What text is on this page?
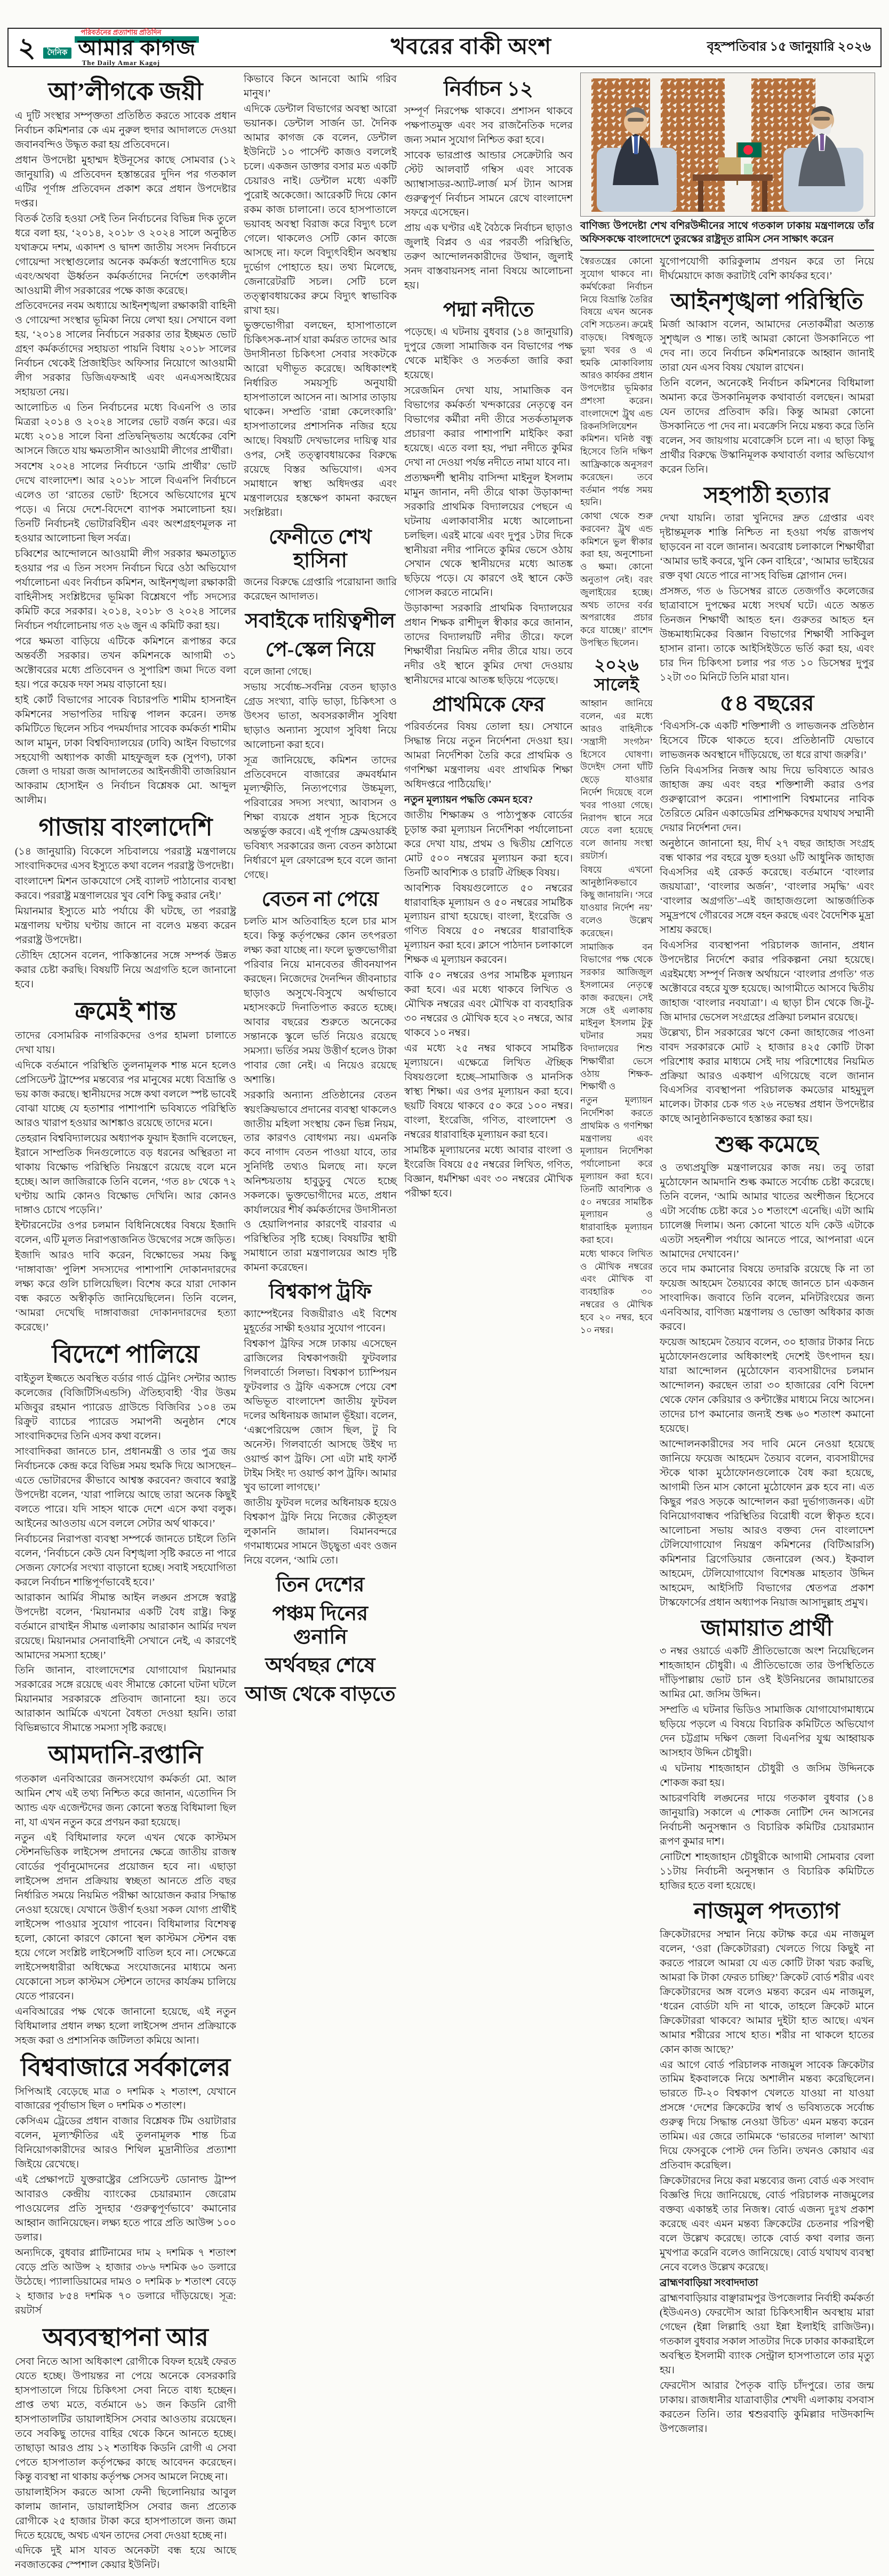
২
পরিবর্তনের প্রত্যাশায় প্রতিদিন
দৈনিক আমার কাগজ
The Daily Amar Kagoj
খবরের বাকী অংশ	বৃহস্পতিবার ১৫ জানুয়ারি ২০২৬
আ’লীগকে জয়ী

এ দুটি সংস্থার সম্পৃক্ততা প্রতিষ্ঠিত করতে সাবেক প্রধান নির্বাচন কমিশনার কে এম নুরুল হুদার আদালতে দেওয়া জবানবন্দিও উদ্ধৃত করা হয় প্রতিবেদনে।

প্রধান উপদেষ্টা মুহাম্মদ ইউনূসের কাছে সোমবার (১২ জানুয়ারি) এ প্রতিবেদন হস্তান্তরের দুদিন পর গতকাল এটির পূর্ণাঙ্গ প্রতিবেদন প্রকাশ করে প্রধান উপদেষ্টার দপ্তর।

বিতর্ক তৈরি হওয়া সেই তিন নির্বাচনের বিভিন্ন দিক তুলে ধরে বলা হয়, ‘২০১৪, ২০১৮ ও ২০২৪ সালে অনুষ্ঠিত যথাক্রমে দশম, একাদশ ও দ্বাদশ জাতীয় সংসদ নির্বাচনে গোয়েন্দা সংস্থাগুলোর অনেক কর্মকর্তা স্বপ্রণোদিত হয়ে এবং/অথবা ঊর্ধ্বতন কর্মকর্তাদের নির্দেশে তৎকালীন আওয়ামী লীগ সরকারের পক্ষে কাজ করেছে।

প্রতিবেদনের নবম অধ্যায়ে আইনশৃঙ্খলা রক্ষাকারী বাহিনী ও গোয়েন্দা সংস্থার ভূমিকা নিয়ে লেখা হয়। সেখানে বলা হয়, ‘২০১৪ সালের নির্বাচনে সরকার তার ইচ্ছমত ভোট গ্রহণ কর্মকর্তাদের সহায়তা পায়নি বিধায় ২০১৮ সালের নির্বাচন থেকেই প্রিজাইডিং অফিসার নিয়োগে আওয়ামী লীগ সরকার ডিজিএফআই এবং এনএসআইয়ের সহায়তা নেয়।

আলোচিত এ তিন নির্বাচনের মধ্যে বিএনপি ও তার মিত্ররা ২০১৪ ও ২০২৪ সালের ভোট বর্জন করে। এর মধ্যে ২০১৪ সালে বিনা প্রতিদ্বন্দ্বিতায় অর্ধেকের বেশি আসনে জিতে যায় ক্ষমতাসীন আওয়ামী লীগের প্রার্থীরা।

সবশেষ ২০২৪ সালের নির্বাচনে ‘ডামি প্রার্থীর’ ভোট দেখে বাংলাদেশ। আর ২০১৮ সালে বিএনপি নির্বাচনে এলেও তা ‘রাতের ভোট’ হিসেবে অভিযোগের মুখে পড়ে। এ নিয়ে দেশে-বিদেশে ব্যাপক সমালোচনা হয়। তিনটি নির্বাচনই ভোটারবিহীন এবং অংশগ্রহণমূলক না হওয়ার আলোচনা ছিল সর্বত্র।

চব্বিশের আন্দোলনে আওয়ামী লীগ সরকার ক্ষমতাচ্যুত হওয়ার পর এ তিন সংসদ নির্বাচন ঘিরে ওঠা অভিযোগ পর্যালোচনা এবং নির্বাচন কমিশন, আইনশৃঙ্খলা রক্ষাকারী বাহিনীসহ সংশ্লিষ্টদের ভূমিকা বিশ্লেষণে পাঁচ সদস্যের কমিটি করে সরকার। ২০১৪, ২০১৮ ও ২০২৪ সালের নির্বাচন পর্যালোচনায় গত ২৬ জুন এ কমিটি করা হয়।

পরে ক্ষমতা বাড়িয়ে এটিকে কমিশনে রূপান্তর করে অন্তর্বর্তী সরকার। তখন কমিশনকে আগামী ৩১ অক্টোবরের মধ্যে প্রতিবেদন ও সুপারিশ জমা দিতে বলা হয়। পরে কয়েক দফা সময় বাড়ানো হয়।

হাই কোর্ট বিভাগের সাবেক বিচারপতি শামীম হাসনাইন কমিশনের সভাপতির দায়িত্ব পালন করেন। তদন্ত কমিটিতে ছিলেন সচিব পদমর্যাদার সাবেক কর্মকর্তা শামীম আল মামুন, ঢাকা বিশ্ববিদ্যালয়ের (ঢাবি) আইন বিভাগের সহযোগী অধ্যাপক কাজী মাহফুজুল হক (সুপণ), ঢাকা জেলা ও দায়রা জজ আদালতের আইনজীবী তাজরিয়ান আকরাম হোসাইন ও নির্বাচন বিশ্লেষক মো. আব্দুল আলীম।

গাজায় বাংলাদেশি

(১৪ জানুয়ারি) বিকেলে সচিবালয়ে পররাষ্ট্র মন্ত্রণালয়ে সাংবাদিকদের এসব ইস্যুতে কথা বলেন পররাষ্ট্র উপদেষ্টা।

বাংলাদেশ মিশন ডাকযোগে সেই ব্যালট পাঠানোর ব্যবস্থা করবে। পররাষ্ট্র মন্ত্রণালয়ের খুব বেশি কিছু করার নেই।’

মিয়ানমার ইস্যুতে মাঠ পর্যায়ে কী ঘটছে, তা পররাষ্ট্র মন্ত্রণালয় ঘণ্টায় ঘণ্টায় জানে না বলেও মন্তব্য করেন পররাষ্ট্র উপদেষ্টা।

তৌহিদ হোসেন বলেন, পাকিস্তানের সঙ্গে সম্পর্ক উন্নত করার চেষ্টা করছি। বিষয়টি নিয়ে অগ্রগতি হলে জানানো হবে।

ক্রমেই শান্ত

তাদের বেসামরিক নাগরিকদের ওপর হামলা চালাতে দেখা যায়।

এদিকে বর্তমানে পরিস্থিতি তুলনামূলক শান্ত মনে হলেও প্রেসিডেন্ট ট্রাম্পের মন্তব্যের পর মানুষের মধ্যে বিভ্রান্তি ও ভয় কাজ করছে। স্থানীয়দের সঙ্গে কথা বললে স্পষ্ট ভাবেই বোঝা যাচ্ছে যে হতাশার পাশাপাশি ভবিষ্যতে পরিস্থিতি আরও খারাপ হওয়ার আশঙ্কাও রয়েছে তাদের মনে।

তেহরান বিশ্ববিদ্যালয়ের অধ্যাপক ফুয়াদ ইজাদি বলেছেন, ইরানে সাম্প্রতিক দিনগুলোতে বড় ধরনের অস্থিরতা না থাকায় বিক্ষোভ পরিস্থিতি নিয়ন্ত্রণে রয়েছে বলে মনে হচ্ছে। আল জাজিরাকে তিনি বলেন, ‘গত ৪৮ থেকে ৭২ ঘণ্টায় আমি কোনও বিক্ষোভ দেখিনি। আর কোনও দাঙ্গাও চোখে পড়েনি।’

ইন্টারনেটের ওপর চলমান বিধিনিষেধের বিষয়ে ইজাদি বলেন, এটি মূলত নিরাপত্তাজনিত উদ্বেগের সঙ্গে জড়িত।

ইজাদি আরও দাবি করেন, বিক্ষোভের সময় কিছু ‘দাঙ্গাবাজ’ পুলিশ সদস্যদের পাশাপাশি দোকানদারদের লক্ষ্য করে গুলি চালিয়েছিল। বিশেষ করে যারা দোকান বন্ধ করতে অস্বীকৃতি জানিয়েছিলেন। তিনি বলেন, ‘আমরা দেখেছি দাঙ্গাবাজরা দোকানদারদের হত্যা করেছে।’

বিদেশে পালিয়ে

বাইতুল ইজ্জতে অবস্থিত বর্ডার গার্ড ট্রেনিং সেন্টার অ্যান্ড কলেজের (বিজিটিসিএন্ডসি) ঐতিহ্যবাহী ‘বীর উত্তম মজিবুর রহমান প্যারেড গ্রাউন্ডে বিজিবির ১০৪ তম রিক্রুট ব্যাচের প্যারেড সমাপনী অনুষ্ঠান শেষে সাংবাদিকদের তিনি এসব কথা বলেন।

সাংবাদিকরা জানতে চান, প্রধানমন্ত্রী ও তার পুত্র জয় নির্বাচনকে কেন্দ্র করে বিভিন্ন সময় হুমকি দিয়ে আসছেন–এতে ভোটারদের কীভাবে আশ্বস্ত করবেন? জবাবে স্বরাষ্ট্র উপদেষ্টা বলেন, ‘যারা পালিয়ে আছে তারা অনেক কিছুই বলতে পারে। যদি সাহস থাকে দেশে এসে কথা বলুক। আইনের আওতায় এসে বললে সেটার অর্থ থাকবে।’

নির্বাচনের নিরাপত্তা ব্যবস্থা সম্পর্কে জানতে চাইলে তিনি বলেন, ‘নির্বাচনে কেউ যেন বিশৃঙ্খলা সৃষ্টি করতে না পারে সেজন্য ফোর্সের সংখ্যা বাড়ানো হচ্ছে। সবাই সহযোগিতা করলে নির্বাচন শান্তিপূর্ণভাবেই হবে।’

আরাকান আর্মির সীমান্ত আইন লঙ্ঘন প্রসঙ্গে স্বরাষ্ট্র উপদেষ্টা বলেন, ‘মিয়ানমার একটি বৈধ রাষ্ট্র। কিন্তু বর্তমানে রাখাইন সীমান্ত এলাকায় আরাকান আর্মির দখল রয়েছে। মিয়ানমার সেনাবাহিনী সেখানে নেই, এ কারণেই আমাদের সমস্যা হচ্ছে।’

তিনি জানান, বাংলাদেশের যোগাযোগ মিয়ানমার সরকারের সঙ্গে রয়েছে এবং সীমান্তে কোনো ঘটনা ঘটলে মিয়ানমার সরকারকে প্রতিবাদ জানানো হয়। তবে আরাকান আর্মিকে এখনো বৈধতা দেওয়া হয়নি। তারা বিভিন্নভাবে সীমান্তে সমস্যা সৃষ্টি করছে।

আমদানি-রপ্তানি

গতকাল এনবিআরের জনসংযোগ কর্মকর্তা মো. আল আমিন শেখ এই তথ্য নিশ্চিত করে জানান, এতোদিন সি অ্যান্ড এফ এজেন্টদের জন্য কোনো স্বতন্ত্র বিধিমালা ছিল না, যা এখন নতুন করে প্রণয়ন করা হয়েছে।

নতুন এই বিধিমালার ফলে এখন থেকে কাস্টমস স্টেশনভিত্তিক লাইসেন্স প্রদানের ক্ষেত্রে জাতীয় রাজস্ব বোর্ডের পূর্বানুমোদনের প্রয়োজন হবে না। এছাড়া লাইসেন্স প্রদান প্রক্রিয়ায় স্বচ্ছতা আনতে প্রতি বছর নির্ধারিত সময়ে নিয়মিত পরীক্ষা আয়োজন করার সিদ্ধান্ত নেওয়া হয়েছে। যেখানে উত্তীর্ণ হওয়া সকল যোগ্য প্রার্থীই লাইসেন্স পাওয়ার সুযোগ পাবেন। বিধিমালার বিশেষত্ব হলো, কোনো কারণে কোনো স্থল কাস্টমস স্টেশন বন্ধ হয়ে গেলে সংশ্লিষ্ট লাইসেন্সটি বাতিল হবে না। সেক্ষেত্রে লাইসেন্সধারীরা অধিক্ষেত্র সংযোজনের মাধ্যমে অন্য যেকোনো সচল কাস্টমস স্টেশনে তাদের কার্যক্রম চালিয়ে যেতে পারবেন।

এনবিআরের পক্ষ থেকে জানানো হয়েছে, এই নতুন বিধিমালার প্রধান লক্ষ্য হলো লাইসেন্স প্রদান প্রক্রিয়াকে সহজ করা ও প্রশাসনিক জটিলতা কমিয়ে আনা।

বিশ্ববাজারে সর্বকালের

সিপিআই বেড়েছে মাত্র ০ দশমিক ২ শতাংশ, যেখানে বাজারের পূর্বাভাস ছিল ০ দশমিক ৩ শতাংশ।

কেসিএম ট্রেডের প্রধান বাজার বিশ্লেষক টিম ওয়াটারার বলেন, মূল্যস্ফীতির এই তুলনামূলক শান্ত চিত্র বিনিয়োগকারীদের আরও শিথিল মুদ্রানীতির প্রত্যাশা জিইয়ে রেখেছে।

এই প্রেক্ষাপটে যুক্তরাষ্ট্রের প্রেসিডেন্ট ডোনাল্ড ট্রাম্প আবারও কেন্দ্রীয় ব্যাংকের চেয়ারম্যান জেরোম পাওয়েলের প্রতি সুদহার ‘গুরুত্বপূর্ণভাবে’ কমানোর আহ্বান জানিয়েছেন। লক্ষ্য হতে পারে প্রতি আউন্স ১০০ ডলার।

অন্যদিকে, বুধবার প্লাটিনামের দাম ২ দশমিক ৭ শতাংশ বেড়ে প্রতি আউন্স ২ হাজার ৩৮৬ দশমিক ৬০ ডলারে উঠেছে। প্যালাডিয়ামের দামও ০ দশমিক ৮ শতাংশ বেড়ে ২ হাজার ৮৫৪ দশমিক ৭০ ডলারে দাঁড়িয়েছে। সূত্র: রয়টার্স

অব্যবস্থাপনা আর

সেবা নিতে আসা অধিকাংশ রোগীকে বিফল হয়েই ফেরত যেতে হচ্ছে। উপায়ন্তর না পেয়ে অনেকে বেসরকারি হাসপাতালে গিয়ে চিকিৎসা সেবা নিতে বাধ্য হচ্ছেন। প্রাপ্ত তথ্য মতে, বর্তমানে ৬১ জন কিডনি রোগী হাসপাতালটির ডায়ালাইসিস সেবার আওতায় রয়েছেন। তবে সবকিছু তাদের বাহির থেকে কিনে আনতে হচ্ছে। তাছাড়া আরও প্রায় ১২ শতাধিক কিডনি রোগী এ সেবা পেতে হাসপাতাল কর্তৃপক্ষের কাছে আবেদন করেছেন। কিন্তু ব্যবস্থা না থাকায় কর্তৃপক্ষ সেসব আমলে নিচ্ছে না।

ডায়ালাইসিস করতে আসা ফেনী ছিলোনিয়ার আবুল কালাম জানান, ডায়ালাইসিস সেবার জন্য প্রত্যেক রোগীকে ২৫ হাজার টাকা করে হাসপাতালে জন্য জমা দিতে হয়েছে, অথচ এখন তাদের সেবা দেওয়া হচ্ছে না।

এদিকে দুই মাস যাবত অনেকটা বন্ধ হয়ে আছে নবজাতকের স্পেশাল কেয়ার ইউনিট।

কিভাবে কিনে আনবো আমি গরিব মানুষ।’

এদিকে ডেন্টাল বিভাগের অবস্থা আরো ভয়ানক। ডেন্টাল সার্জন ডা. দৈনিক আমার কাগজ কে বলেন, ডেন্টাল ইউনিটে ১০ পার্সেন্ট কাজও বললেই চলে। একজন ডাক্তার বসার মত একটি চেয়ারও নাই। ডেন্টাল মধ্যে একটি পুরোই অকেজো। আরেকটি দিয়ে কোন রকম কাজ চালানো। তবে হাসপাতালে ভয়াবহ অবস্থা বিরাজ করে বিদ্যুৎ চলে গেলে। থাকলেও সেটি কোন কাজে আসছে না। ফলে বিদ্যুৎবিহীন অবস্থায় দুর্ভোগ পোহাতে হয়। তথ্য মিলেছে, জেনারেটরটি সচল। সেটি চলে তত্ত্বাবধায়কের রুমে বিদ্যুৎ স্বাভাবিক রাখা হয়।

ভুক্তভোগীরা বলছেন, হাসাপাতালে চিকিৎসক-নার্স যারা কর্মরত তাদের আর উদাসীনতা চিকিৎসা সেবার সংকটকে আরো ঘণীভূত করেছে। অধিকাংশই নির্ধারিত সময়সূচি অনুযায়ী হাসপাতালে আসেন না। আসার তাড়ায় থাকেন। সম্প্রতি ‘রান্না কেলেংকারি’ হাসপাতালের প্রশাসনিক নজির হয়ে আছে। বিষয়টি দেখভালের দায়িত্ব যার ওপর, সেই তত্ত্বাবধায়কের বিরুদ্ধে রয়েছে বিস্তর অভিযোগ। এসব সমাধানে স্বাস্থ্য অধিদপ্তর এবং মন্ত্রণালয়ের হস্তক্ষেপ কামনা করছেন সংশ্লিষ্টরা।

ফেনীতে শেখ হাসিনা

জনের বিরুদ্ধে গ্রেপ্তারি পরোয়ানা জারি করেছেন আদালত।

সবাইকে দায়িত্বশীল
পে-স্কেল নিয়ে

বলে জানা গেছে।

সভায় সর্বোচ্চ-সর্বনিম্ন বেতন ছাড়াও গ্রেড সংখ্যা, বাড়ি ভাড়া, চিকিৎসা ও উৎসব ভাতা, অবসরকালীন সুবিধা ছাড়াও অন্যান্য সুযোগ সুবিধা নিয়ে আলোচনা করা হবে।

সূত্র জানিয়েছে, কমিশন তাদের প্রতিবেদনে বাজারের ক্রমবর্ধমান মূল্যস্ফীতি, নিত্যপণ্যের উচ্চমূল্য, পরিবারের সদস্য সংখ্যা, আবাসন ও শিক্ষা ব্যয়কে প্রধান সূচক হিসেবে অন্তর্ভুক্ত করবে। এই পূর্ণাঙ্গ ফ্রেমওয়ার্কই ভবিষ্যৎ সরকারের জন্য বেতন কাঠামো নির্ধারণে মূল রেফারেন্স হবে বলে জানা গেছে।

বেতন না পেয়ে

চলতি মাস অতিবাহিত হলে চার মাস হবে। কিন্তু কর্তৃপক্ষের কোন তৎপরতা লক্ষ্য করা যাচ্ছে না। ফলে ভুক্তভোগীরা পরিবার নিয়ে মানবেতর জীবনযাপন করছেন। নিজেদের দৈনন্দিন জীবনাচার ছাড়াও অসুখে-বিসুখে অর্থাভাবে মহাসংকটে দিনাতিপাত করতে হচ্ছে। আবার বছরের শুরুতে অনেকের সন্তানকে স্কুলে ভর্তি নিয়েও রয়েছে সমস্যা। ভর্তির সময় উত্তীর্ণ হলেও টাকা পাবার জো নেই। এ নিয়েও রয়েছে অশান্তি।

সরকারি অন্যান্য প্রতিষ্ঠানের বেতন স্বয়ংক্রিয়ভাবে প্রদানের ব্যবস্থা থাকলেও জাতীয় মহিলা সংস্থায় কেন ভিন্ন নিয়ম, তার কারণও বোধগম্য নয়। এমনকি কবে নাগাদ বেতন পাওয়া যাবে, তার সুনির্দিষ্ট তথ্যও মিলছে না। ফলে অনিশ্চয়তায় হাবুডুবু খেতে হচ্ছে সকলকে। ভুক্তভোগীদের মতে, প্রধান কার্যালয়ের শীর্ষ কর্মকর্তাদের উদাসীনতা ও হেয়ালিপনার কারণেই বারবার এ পরিস্থিতির সৃষ্টি হচ্ছে। বিষয়টির স্থায়ী সমাধানে তারা মন্ত্রণালয়ের আশু দৃষ্টি কামনা করেছেন।

বিশ্বকাপ ট্রফি

ক্যাম্পেইনের বিজয়ীরাও এই বিশেষ মুহূর্তের সাক্ষী হওয়ার সুযোগ পাবেন।

বিশ্বকাপ ট্রফির সঙ্গে ঢাকায় এসেছেন ব্রাজিলের বিশ্বকাপজয়ী ফুটবলার গিলবার্তো সিলভা। বিশ্বকাপ চ্যাম্পিয়ন ফুটবলার ও ট্রফি একসঙ্গে পেয়ে বেশ অভিভূত বাংলাদেশ জাতীয় ফুটবল দলের অধিনায়ক জামাল ভূঁইয়া। বলেন, ‘এক্সপেরিয়েন্স জোস ছিল, টু বি অনেস্ট। গিলবার্তো আসছে উইথ দ্য ওয়ার্ল্ড কাপ ট্রফি। সো এটা মাই ফার্স্ট টাইম সিইং দ্য ওয়ার্ল্ড কাপ ট্রফি। আমার খুব ভালো লাগছে।’

জাতীয় ফুটবল দলের অধিনায়ক হয়েও বিশ্বকাপ ট্রফি নিয়ে নিজের কৌতূহল লুকাননি জামাল। বিমানবন্দরে গণমাধ্যমের সামনে উচ্ছ্বতা এবং ওজন নিয়ে বলেন, ‘আমি তো।

তিন দেশের
পঞ্চম দিনের গুনানি
অর্থবছর শেষে
আজ থেকে বাড়তে
নির্বাচন ১২

সম্পূর্ণ নিরপেক্ষ থাকবে। প্রশাসন থাকবে পক্ষপাতমুক্ত এবং সব রাজনৈতিক দলের জন্য সমান সুযোগ নিশ্চিত করা হবে।

সাবেক ভারপ্রাপ্ত আন্ডার সেক্রেটারি অব স্টেট আলবার্ট গম্বিস এবং সাবেক অ্যাম্বাসাডর-অ্যাট-লার্জ মর্স ট্যান আসন্ন গুরুত্বপূর্ণ নির্বাচন সামনে রেখে বাংলাদেশ সফরে এসেছেন।

প্রায় এক ঘণ্টার এই বৈঠকে নির্বাচন ছাড়াও জুলাই বিপ্লব ও এর পরবর্তী পরিস্থিতি, তরুণ আন্দোলনকারীদের উত্থান, জুলাই সনদ বাস্তবায়নসহ নানা বিষয়ে আলোচনা হয়।

পদ্মা নদীতে

পড়েছে। এ ঘটনায় বুধবার (১৪ জানুয়ারি) দুপুরে জেলা সামাজিক বন বিভাগের পক্ষ থেকে মাইকিং ও সতর্কতা জারি করা হয়েছে।

সরেজমিন দেখা যায়, সামাজিক বন বিভাগের কর্মকর্তা খন্দকারের নেতৃত্বে বন বিভাগের কর্মীরা নদী তীরে সতর্কতামূলক প্রচারণা করার পাশাপাশি মাইকিং করা হয়েছে। এতে বলা হয়, পদ্মা নদীতে কুমির দেখা না দেওয়া পর্যন্ত নদীতে নামা যাবে না।

প্রত্যক্ষদর্শী স্থানীয় বাসিন্দা মাইনুল ইসলাম মামুন জানান, নদী তীরে থাকা উড়াকান্দা সরকারি প্রাথমিক বিদ্যালয়ের পেছনে এ ঘটনায় এলাকাবাসীর মধ্যে আলোচনা চলছিল। এরই মাঝে এবং দুপুর ১টার দিকে স্থানীয়রা নদীর পানিতে কুমির ভেসে ওঠায় সেখান থেকে স্থানীয়দের মধ্যে আতঙ্ক ছড়িয়ে পড়ে। যে কারণে ওই স্থানে কেউ গোসল করতে নামেনি।

উড়াকান্দা সরকারি প্রাথমিক বিদ্যালয়ের প্রধান শিক্ষক রাশীদুল স্বীকার করে জানান, তাদের বিদ্যালয়টি নদীর তীরে। ফলে শিক্ষার্থীরা নিয়মিত নদীর তীরে যায়। তবে নদীর ওই স্থানে কুমির দেখা দেওয়ায় স্থানীয়দের মাঝে আতঙ্ক ছড়িয়ে পড়েছে।

প্রাথমিকে ফের

পরিবর্তনের বিষয় তোলা হয়। সেখানে সিদ্ধান্ত নিয়ে নতুন নির্দেশনা দেওয়া হয়। আমরা নির্দেশিকা তৈরি করে প্রাথমিক ও গণশিক্ষা মন্ত্রণালয় এবং প্রাথমিক শিক্ষা অধিদপ্তরে পাঠিয়েছি।’

নতুন মূল্যায়ন পদ্ধতি কেমন হবে?

জাতীয় শিক্ষাক্রম ও পাঠ্যপুস্তক বোর্ডের চূড়ান্ত করা মূল্যায়ন নির্দেশিকা পর্যালোচনা করে দেখা যায়, প্রথম ও দ্বিতীয় শ্রেণিতে মোট ৫০০ নম্বরের মূল্যায়ন করা হবে। তিনটি আবশ্যিক ও চারটি ঐচ্ছিক বিষয়।

আবশ্যিক বিষয়গুলোতে ৫০ নম্বরের ধারাবাহিক মূল্যায়ন ও ৫০ নম্বরের সামষ্টিক মূল্যায়ন রাখা হয়েছে। বাংলা, ইংরেজি ও গণিত বিষয়ে ৫০ নম্বরের ধারাবাহিক মূল্যায়ন করা হবে। ক্লাসে পাঠদান চলাকালে শিক্ষক এ মূল্যায়ন করবেন।

বাকি ৫০ নম্বরের ওপর সামষ্টিক মূল্যায়ন করা হবে। এর মধ্যে থাকবে লিখিত ও মৌখিক নম্বরের এবং মৌখিক বা ব্যবহারিক ৩০ নম্বরের ও মৌখিক হবে ২০ নম্বরে, আর থাকবে ১০ নম্বর।

এর মধ্যে ২৫ নম্বর থাকবে সামষ্টিক মূল্যায়নে। এক্ষেত্রে লিখিত ঐচ্ছিক বিষয়গুলো হচ্ছে–সামাজিক ও মানসিক স্বাস্থ্য শিক্ষা। এর ওপর মূল্যায়ন করা হবে। ছয়টি বিষয়ে থাকবে ৫০ করে ১০০ নম্বর। বাংলা, ইংরেজি, গণিত, বাংলাদেশ ও নম্বরের ধারাবাহিক মূল্যায়ন করা হবে।

সামষ্টিক মূল্যায়নের মধ্যে আবার বাংলা ও ইংরেজি বিষয়ে ৫৫ নম্বরের লিখিত, গণিত, বিজ্ঞান, ধর্মশিক্ষা এবং ৩০ নম্বরের মৌখিক পরীক্ষা হবে।

বাণিজ্য উপদেষ্টা শেখ বশিরউদ্দীনের সাথে গতকাল ঢাকায় মন্ত্রণালয়ে তাঁর অফিসকক্ষে বাংলাদেশে তুরস্কের রাষ্ট্রদূত রামিস সেন সাক্ষাৎ করেন

স্বৈরতন্ত্রের কোনো সুযোগ থাকবে না। কর্মর্থকেরা নির্বাচন নিয়ে বিভ্রান্তি তৈরির বিষয়ে এখন অনেক বেশি সচেতন। ক্রমেই বাড়ছে। বিশ্বজুড়ে ভুয়া খবর ও এ হুমকি মোকাবিলায় আরও কার্যকর প্রধান উপদেষ্টার ভূমিকার প্রশংসা করেন। বাংলাদেশে ট্রুথ এন্ড রিকনসিলিয়েশন কমিশন। ঘনিষ্ঠ বন্ধু হিসেবে তিনি দক্ষিণ আফ্রিকাকে অনুসরণ করেছেন। তবে বর্তমান পর্যন্ত সময় হয়নি।

কোথা থেকে শুরু করবেন? ট্রুথ এন্ড কমিশনে ভুল স্বীকার করা হয়, অনুশোচনা ও ক্ষমা। কোনো অনুতাপ নেই। বরং জুলাইয়ের হচ্ছে। অথচ তাদের বর্বর অপরাধের প্রচার করে যাচ্ছে।’ রাশেদ উপস্থিত ছিলেন।

২০২৬ সালেই

আহ্বান জানিয়ে বলেন, এর মধ্যে আরও বাহিনীকে ‘সন্ত্রাসী সংগঠন’ হিসেবে ঘোষণা। উদেইদ সেনা ঘাঁটি ছেড়ে যাওয়ার নির্দেশ দিয়েছে বলে খবর পাওয়া গেছে। নিরাপদ স্থানে সরে যেতে বলা হয়েছে বলে জানায় সংস্থা রয়টার্স।

বিষয়ে এখনো আনুষ্ঠানিকভাবে কিছু জানায়নি। ‘সরে যাওয়ার নির্দেশ নয়’ বলেও উল্লেখ করেছেন।

সামাজিক বন বিভাগের পক্ষ থেকে সরকার আজিজুল ইসলামের নেতৃত্বে কাজ করছেন। সেই সঙ্গে ওই এলাকায় মাইনুল ইসলাম টুকু ঘটনার সময় বিদ্যালয়ের শিশু শিক্ষার্থীরা ভেসে ওঠায় শিক্ষক-শিক্ষার্থী ও

নতুন মূল্যায়ন নির্দেশিকা করতে প্রাথমিক ও গণশিক্ষা মন্ত্রণালয় এবং মূল্যায়ন নির্দেশিকা পর্যালোচনা করে মূল্যায়ন করা হবে। তিনটি আবশ্যিক ও ৫০ নম্বরের সামষ্টিক মূল্যায়ন ও ধারাবাহিক মূল্যায়ন করা হবে।

মধ্যে থাকবে লিখিত ও মৌখিক নম্বরের এবং মৌখিক বা ব্যবহারিক ৩০ নম্বরের ও মৌখিক হবে ২০ নম্বর, হবে ১০ নম্বর।

যুগোপযোগী কারিকুলাম প্রণয়ন করে তা নিয়ে দীর্ঘমেয়াদে কাজ করাটাই বেশি কার্যকর হবে।’

আইনশৃঙ্খলা পরিস্থিতি

মির্জা আব্বাস বলেন, আমাদের নেতাকর্মীরা অত্যন্ত সুশৃঙ্খল ও শান্ত। তাই আমরা কোনো উসকানিতে পা দেব না। তবে নির্বাচন কমিশনারকে আহ্বান জানাই তারা যেন এসব বিষয় খেয়াল রাখেন।

তিনি বলেন, অনেকেই নির্বাচন কমিশনের বিধিমালা অমান্য করে উসকানিমূলক কথাবার্তা বলছেন। আমরা যেন তাদের প্রতিবাদ করি। কিন্তু আমরা কোনো উসকানিতে পা দেব না। মবক্রেসি নিয়ে মন্তব্য করে তিনি বলেন, সব জায়গায় মবোক্রেসি চলে না। এ ছাড়া কিছু প্রার্থীর বিরুদ্ধে উস্কানিমূলক কথাবার্তা বলার অভিযোগ করেন তিনি।

সহপাঠী হত্যার

দেখা যায়নি। তারা খুনিদের দ্রুত গ্রেপ্তার এবং দৃষ্টান্তমূলক শাস্তি নিশ্চিত না হওয়া পর্যন্ত রাজপথ ছাড়বেন না বলে জানান। অবরোধ চলাকালে শিক্ষার্থীরা ‘আমার ভাই কবরে, খুনি কেন বাহিরে’, ‘আমার ভাইয়ের রক্ত বৃথা যেতে পারে না’সহ বিভিন্ন স্লোগান দেন।

প্রসঙ্গত, গত ৬ ডিসেম্বর রাতে তেজগাঁও কলেজের ছাত্রাবাসে দুপক্ষের মধ্যে সংঘর্ষ ঘটে। এতে অন্তত তিনজন শিক্ষার্থী আহত হন। গুরুতর আহত হন উচ্চমাধ্যমিকের বিজ্ঞান বিভাগের শিক্ষার্থী সাকিবুল হাসান রানা। তাকে আইসিইউতে ভর্তি করা হয়, এবং চার দিন চিকিৎসা চলার পর গত ১০ ডিসেম্বর দুপুর ১২টা ৩০ মিনিটে তিনি মারা যান।

৫৪ বছরের

‘বিএসসি-কে একটি শক্তিশালী ও লাভজনক প্রতিষ্ঠান হিসেবে টিকে থাকতে হবে। প্রতিষ্ঠানটি যেভাবে লাভজনক অবস্থানে দাঁড়িয়েছে, তা ধরে রাখা জরুরি।’

তিনি বিএসসির নিজস্ব আয় দিয়ে ভবিষ্যতে আরও জাহাজ ক্রয় এবং বহর শক্তিশালী করার ওপর গুরুত্বারোপ করেন। পাশাপাশি বিশ্বমানের নাবিক তৈরিতে মেরিন একাডেমির প্রশিক্ষকদের যথাযথ সম্মানী দেয়ার নির্দেশনা দেন।

অনুষ্ঠানে জানানো হয়, দীর্ঘ ২৭ বছর জাহাজ সংগ্রহ বন্ধ থাকার পর বহরে যুক্ত হওয়া ৬টি আধুনিক জাহাজ বিএসসির এই রেকর্ড করেছে। বর্তমানে ‘বাংলার জয়যাত্রা’, ‘বাংলার অর্জন’, ‘বাংলার সমৃদ্ধি’ এবং ‘বাংলার অগ্রগতি’–এই জাহাজগুলো আন্তর্জাতিক সমুদ্রপথে গৌরবের সঙ্গে বহন করছে এবং বৈদেশিক মুদ্রা সাশ্রয় করছে।

বিএসসির ব্যবস্থাপনা পরিচালক জানান, প্রধান উপদেষ্টার নির্দেশে করার পরিকল্পনা নেয়া হয়েছে। এরইমধ্যে সম্পূর্ণ নিজস্ব অর্থায়নে ‘বাংলার প্রগতি’ গত অক্টোবরে বহরে যুক্ত হয়েছে। আগামীতে আসবে দ্বিতীয় জাহাজ ‘বাংলার নবযাত্রা’। এ ছাড়া চীন থেকে জি-টু-জি মাদার ভেসেল সংগ্রহের প্রক্রিয়া চলমান রয়েছে।

উল্লেখ্য, চীন সরকারের ঋণে কেনা জাহাজের পাওনা বাবদ সরকারকে মোট ২ হাজার ৪২৫ কোটি টাকা পরিশোধ করার মাধ্যমে সেই দায় পরিশোধের নিয়মিত প্রক্রিয়া আরও একধাপ এগিয়েছে বলে জানান বিএসসির ব্যবস্থাপনা পরিচালক কমডোর মাহমুদুল মালেক। টাকার চেক গত ২৬ নভেম্বর প্রধান উপদেষ্টার কাছে আনুষ্ঠানিকভাবে হস্তান্তর করা হয়।

শুল্ক কমেছে

ও তথ্যপ্রযুক্তি মন্ত্রণালয়ের কাজ নয়। তবু তারা মুঠোফোন আমদানি শুল্ক কমাতে সর্বোচ্চ চেষ্টা করেছে। তিনি বলেন, ‘আমি আমার খাতের অংশীজন হিসেবে এটা সর্বোচ্চ চেষ্টা করে ১০ শতাংশে এনেছি। এটা আমি চ্যালেঞ্জ দিলাম। অন্য কোনো খাতে যদি কেউ এটাকে এতটা সহনশীল পর্যায়ে আনতে পারে, আপনারা এনে আমাদের দেখাবেন।’

তবে দাম কমানোর বিষয়ে তদারকি রয়েছে কি না তা ফয়েজ আহমেদ তৈয়্যবের কাছে জানতে চান একজন সাংবাদিক। জবাবে তিনি বলেন, মনিটরিংয়ের জন্য এনবিআর, বাণিজ্য মন্ত্রণালয় ও ভোক্তা অধিকার কাজ করবে।

ফয়েজ আহমেদ তৈয়্যব বলেন, ৩০ হাজার টাকার নিচে মুঠোফোনগুলোর অধিকাংশই দেশেই উৎপাদন হয়। যারা আন্দোলন (মুঠোফোন ব্যবসায়ীদের চলমান আন্দোলন) করছেন তারা ৩০ হাজারের বেশি বিদেশ থেকে ফোন কেরিয়ার ও কন্টাক্টের মাধ্যমে নিয়ে আসেন। তাদের চাপ কমানোর জন্যই শুল্ক ৬০ শতাংশ কমানো হয়েছে।

আন্দোলনকারীদের সব দাবি মেনে নেওয়া হয়েছে জানিয়ে ফয়েজ আহমেদ তৈয়্যব বলেন, ব্যবসায়ীদের স্টকে থাকা মুঠোফোনগুলোকে বৈধ করা হয়েছে, আগামী তিন মাস কোনো মুঠোফোন ব্লক হবে না। এত কিছুর পরও সড়কে আন্দোলন করা দুর্ভাগ্যজনক। এটা বিনিয়োগবান্ধব পরিস্থিতির বিরোধী বলে স্বীকৃত হবে। আলোচনা সভায় আরও বক্তব্য দেন বাংলাদেশ টেলিযোগাযোগ নিয়ন্ত্রণ কমিশনের (বিটিআরসি) কমিশনার ব্রিগেডিয়ার জেনারেল (অব.) ইকবাল আহমেদ, টেলিযোগাযোগ বিশেষজ্ঞ মাহতাব উদ্দিন আহমেদ, আইসিটি বিভাগের শ্বেতপত্র প্রকাশ টাস্কফোর্সের প্রধান অধ্যাপক নিয়াজ আসাদুল্লাহ প্রমুখ।

জামায়াত প্রার্থী

৩ নম্বর ওয়ার্ডে একটি প্রীতিভোজে অংশ নিয়েছিলেন শাহজাহান চৌধুরী। এ প্রীতিভোজে তার উপস্থিতিতে দাঁড়িপাল্লায় ভোট চান ওই ইউনিয়নের জামায়াতের আমির মো. জসিম উদ্দিন।

সম্প্রতি এ ঘটনার ভিডিও সামাজিক যোগাযোগমাধ্যমে ছড়িয়ে পড়লে এ বিষয়ে বিচারিক কমিটিতে অভিযোগ দেন চট্টগ্রাম দক্ষিণ জেলা বিএনপির যুগ্ম আহ্বায়ক আসহাব উদ্দিন চৌধুরী।

এ ঘটনায় শাহজাহান চৌধুরী ও জসিম উদ্দিনকে শোকজ করা হয়।

আচরণবিধি লঙ্ঘনের দায়ে গতকাল বুধবার (১৪ জানুয়ারি) সকালে এ শোকজ নোটিশ দেন আসনের নির্বাচনী অনুসন্ধান ও বিচারিক কমিটির চেয়ারম্যান রূপণ কুমার দাশ।

নোটিশে শাহজাহান চৌধুরীকে আগামী সোমবার বেলা ১১টায় নির্বাচনী অনুসন্ধান ও বিচারিক কমিটিতে হাজির হতে বলা হয়েছে।

নাজমুল পদত্যাগ

ক্রিকেটারদের সম্মান নিয়ে কটাক্ষ করে এম নাজমুল বলেন, ‘ওরা (ক্রিকেটাররা) খেলতে গিয়ে কিছুই না করতে পারলে আমরা যে এত কোটি টাকা খরচ করছি, আমরা কি টাকা ফেরত চাচ্ছি?’ ক্রিকেট বোর্ড শরীর এবং ক্রিকেটারদের অঙ্গ বলেও মন্তব্য করেন এম নাজমুল, ‘ধরেন বোর্ডটা যদি না থাকে, তাহলে ক্রিকেট মানে ক্রিকেটাররা থাকবে? আমার দুইটা হাত আছে। এখন আমার শরীরের সাথে হাত। শরীর না থাকলে হাতের কোন কাজ আছে?’

এর আগে বোর্ড পরিচালক নাজমুল সাবেক ক্রিকেটার তামিম ইকবালকে নিয়ে অশালীন মন্তব্য করেছিলেন। ভারতে টি-২০ বিশ্বকাপ খেলতে যাওয়া না যাওয়া প্রসঙ্গে ‘দেশের ক্রিকেটের স্বার্থ ও ভবিষ্যতকে সর্বোচ্চ গুরুত্ব দিয়ে সিদ্ধান্ত নেওয়া উচিত’ এমন মন্তব্য করেন তামিম। এর জেরে তামিমকে ‘ভারতের দালাল’ আখ্যা দিয়ে ফেসবুকে পোস্ট দেন তিনি। তখনও কোয়াব এর প্রতিবাদ করেছিল।

ক্রিকেটারদের নিয়ে করা মন্তব্যের জন্য বোর্ড এক সংবাদ বিজ্ঞপ্তি দিয়ে জানিয়েছে, বোর্ড পরিচালক নাজমুলের বক্তব্য একান্তই তার নিজস্ব। বোর্ড এজন্য দুঃখ প্রকাশ করেছে এবং এমন মন্তব্য ক্রিকেটের চেতনার পরিপন্থী বলে উল্লেখ করেছে। তাকে বোর্ড কথা বলার জন্য মুখপাত্র করেনি বলেও জানিয়েছে। বোর্ড যথাযথ ব্যবস্থা নেবে বলেও উল্লেখ করেছে।

ব্রাহ্মণবাড়িয়া সংবাদদাতা

ব্রাহ্মণবাড়িয়ার বাঞ্ছারামপুর উপজেলার নির্বাহী কর্মকর্তা (ইউএনও) ফেরদৌস আরা চিকিৎসাধীন অবস্থায় মারা গেছেন (ইন্না লিল্লাহি ওয়া ইন্না ইলাইহি রাজিউন)। গতকাল বুধবার সকাল সাতটার দিকে ঢাকার কাকরাইলে অবস্থিত ইসলামী ব্যাংক সেন্ট্রাল হাসপাতালে তার মৃত্যু হয়।

ফেরদৌস আরার পৈতৃক বাড়ি চাঁদপুরে। তার জন্ম ঢাকায়। রাজধানীর যাত্রাবাড়ীর শেখদী এলাকায় বসবাস করতেন তিনি। তার শ্বশুরবাড়ি কুমিল্লার দাউদকান্দি উপজেলার।
